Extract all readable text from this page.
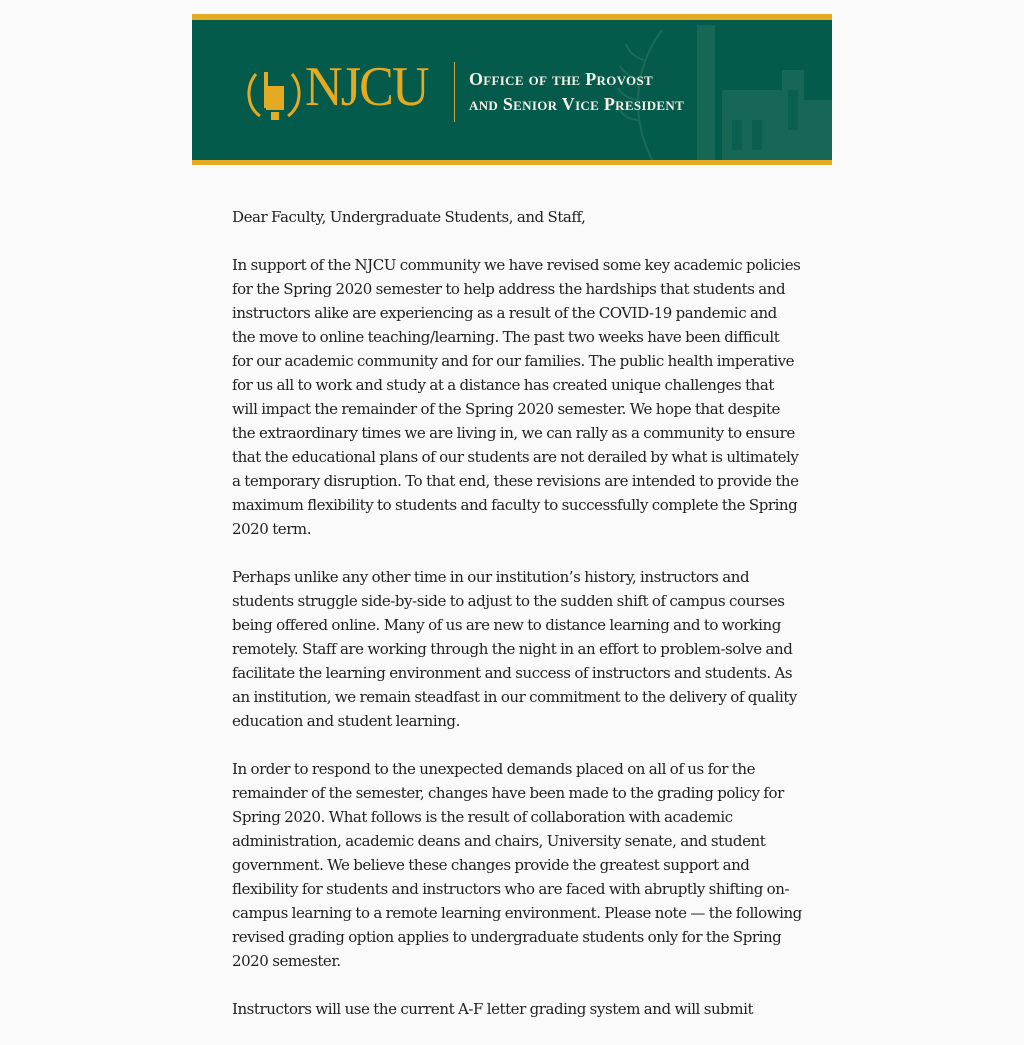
NJCU Office of the Provost
and Senior Vice President

Dear Faculty, Undergraduate Students, and Staff,

In support of the NJCU community we have revised some key academic policies for the Spring 2020 semester to help address the hardships that students and instructors alike are experiencing as a result of the COVID-19 pandemic and the move to online teaching/learning. The past two weeks have been difficult for our academic community and for our families. The public health imperative for us all to work and study at a distance has created unique challenges that will impact the remainder of the Spring 2020 semester. We hope that despite the extraordinary times we are living in, we can rally as a community to ensure that the educational plans of our students are not derailed by what is ultimately a temporary disruption. To that end, these revisions are intended to provide the maximum flexibility to students and faculty to successfully complete the Spring 2020 term.

Perhaps unlike any other time in our institution’s history, instructors and students struggle side-by-side to adjust to the sudden shift of campus courses being offered online. Many of us are new to distance learning and to working remotely. Staff are working through the night in an effort to problem-solve and facilitate the learning environment and success of instructors and students. As an institution, we remain steadfast in our commitment to the delivery of quality education and student learning.

In order to respond to the unexpected demands placed on all of us for the remainder of the semester, changes have been made to the grading policy for Spring 2020. What follows is the result of collaboration with academic administration, academic deans and chairs, University senate, and student government. We believe these changes provide the greatest support and flexibility for students and instructors who are faced with abruptly shifting on-campus learning to a remote learning environment. Please note — the following revised grading option applies to undergraduate students only for the Spring 2020 semester.

Instructors will use the current A-F letter grading system and will submit
